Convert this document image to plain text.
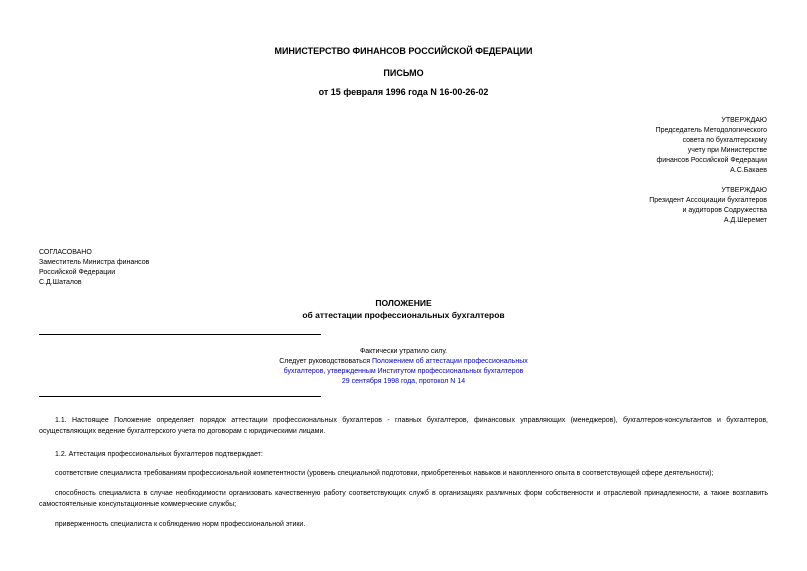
МИНИСТЕРСТВО ФИНАНСОВ РОССИЙСКОЙ ФЕДЕРАЦИИ
ПИСЬМО
от 15 февраля 1996 года N 16-00-26-02
УТВЕРЖДАЮ
Председатель Методологического
совета по бухгалтерскому
учету при Министерстве
финансов Российской Федерации
А.С.Бакаев
УТВЕРЖДАЮ
Президент Ассоциации бухгалтеров
и аудиторов Содружества
А.Д.Шеремет
СОГЛАСОВАНО
Заместитель Министра финансов
Российской Федерации
С.Д.Шаталов
ПОЛОЖЕНИЕ
об аттестации профессиональных бухгалтеров
Фактически утратило силу.
Следует руководствоваться Положением об аттестации профессиональных
бухгалтеров, утвержденным Институтом профессиональных бухгалтеров
29 сентября 1998 года, протокол N 14
1.1. Настоящее Положение определяет порядок аттестации профессиональных бухгалтеров - главных бухгалтеров, финансовых управляющих (менеджеров), бухгалтеров-консультантов и бухгалтеров, осуществляющих ведение бухгалтерского учета по договорам с юридическими лицами.
1.2. Аттестация профессиональных бухгалтеров подтверждает:
соответствие специалиста требованиям профессиональной компетентности (уровень специальной подготовки, приобретенных навыков и накопленного опыта в соответствующей сфере деятельности);
способность специалиста в случае необходимости организовать качественную работу соответствующих служб в организациях различных форм собственности и отраслевой принадлежности, а также возглавить самостоятельные консультационные коммерческие службы;
приверженность специалиста к соблюдению норм профессиональной этики.
